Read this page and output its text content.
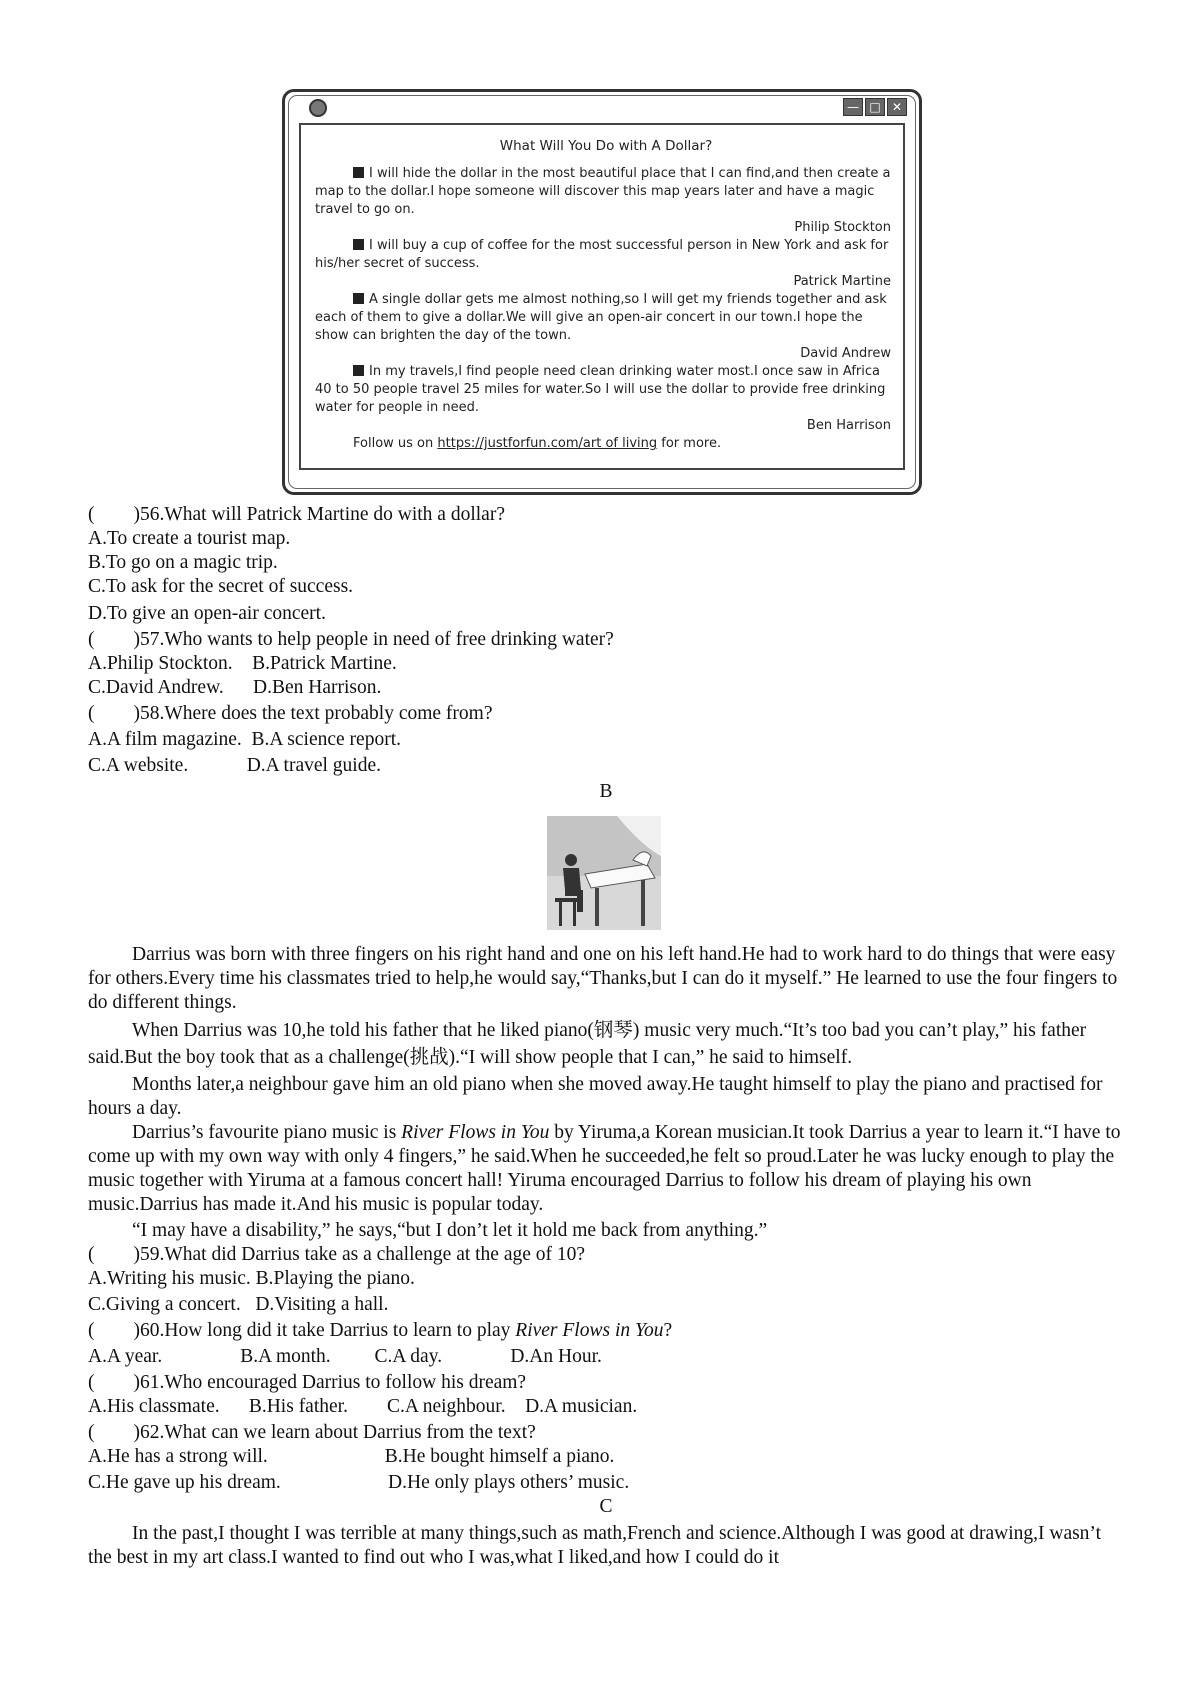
— □ ✕
What Will You Do with A Dollar?

I will hide the dollar in the most beautiful place that I can find,and then create a map to the dollar.I hope someone will discover this map years later and have a magic travel to go on.

Philip Stockton

I will buy a cup of coffee for the most successful person in New York and ask for his/her secret of success.

Patrick Martine

A single dollar gets me almost nothing,so I will get my friends together and ask each of them to give a dollar.We will give an open-air concert in our town.I hope the show can brighten the day of the town.

David Andrew

In my travels,I find people need clean drinking water most.I once saw in Africa 40 to 50 people travel 25 miles for water.So I will use the dollar to provide free drinking water for people in need.

Ben Harrison
Follow us on https://justforfun.com/art of living for more.
(        )56.What will Patrick Martine do with a dollar?
A.To create a tourist map.
B.To go on a magic trip.
C.To ask for the secret of success.
D.To give an open-air concert.
(        )57.Who wants to help people in need of free drinking water?
A.Philip Stockton.    B.Patrick Martine.
C.David Andrew.      D.Ben Harrison.
(        )58.Where does the text probably come from?
A.A film magazine.  B.A science report.
C.A website.            D.A travel guide.
B
Darrius was born with three fingers on his right hand and one on his left hand.He had to work hard to do things that were easy for others.Every time his classmates tried to help,he would say,“Thanks,but I can do it myself.” He learned to use the four fingers to do different things.
When Darrius was 10,he told his father that he liked piano(钢琴) music very much.“It’s too bad you can’t play,” his father said.But the boy took that as a challenge(挑战).“I will show people that I can,” he said to himself.
Months later,a neighbour gave him an old piano when she moved away.He taught himself to play the piano and practised for hours a day.
Darrius’s favourite piano music is River Flows in You by Yiruma,a Korean musician.It took Darrius a year to learn it.“I have to come up with my own way with only 4 fingers,” he said.When he succeeded,he felt so proud.Later he was lucky enough to play the music together with Yiruma at a famous concert hall! Yiruma encouraged Darrius to follow his dream of playing his own music.Darrius has made it.And his music is popular today.
“I may have a disability,” he says,“but I don’t let it hold me back from anything.”
(        )59.What did Darrius take as a challenge at the age of 10?
A.Writing his music. B.Playing the piano.
C.Giving a concert.   D.Visiting a hall.
(        )60.How long did it take Darrius to learn to play River Flows in You?
A.A year.                B.A month.         C.A day.              D.An Hour.
(        )61.Who encouraged Darrius to follow his dream?
A.His classmate.      B.His father.        C.A neighbour.    D.A musician.
(        )62.What can we learn about Darrius from the text?
A.He has a strong will.                        B.He bought himself a piano.
C.He gave up his dream.                      D.He only plays others’ music.
C
In the past,I thought I was terrible at many things,such as math,French and science.Although I was good at drawing,I wasn’t the best in my art class.I wanted to find out who I was,what I liked,and how I could do it
